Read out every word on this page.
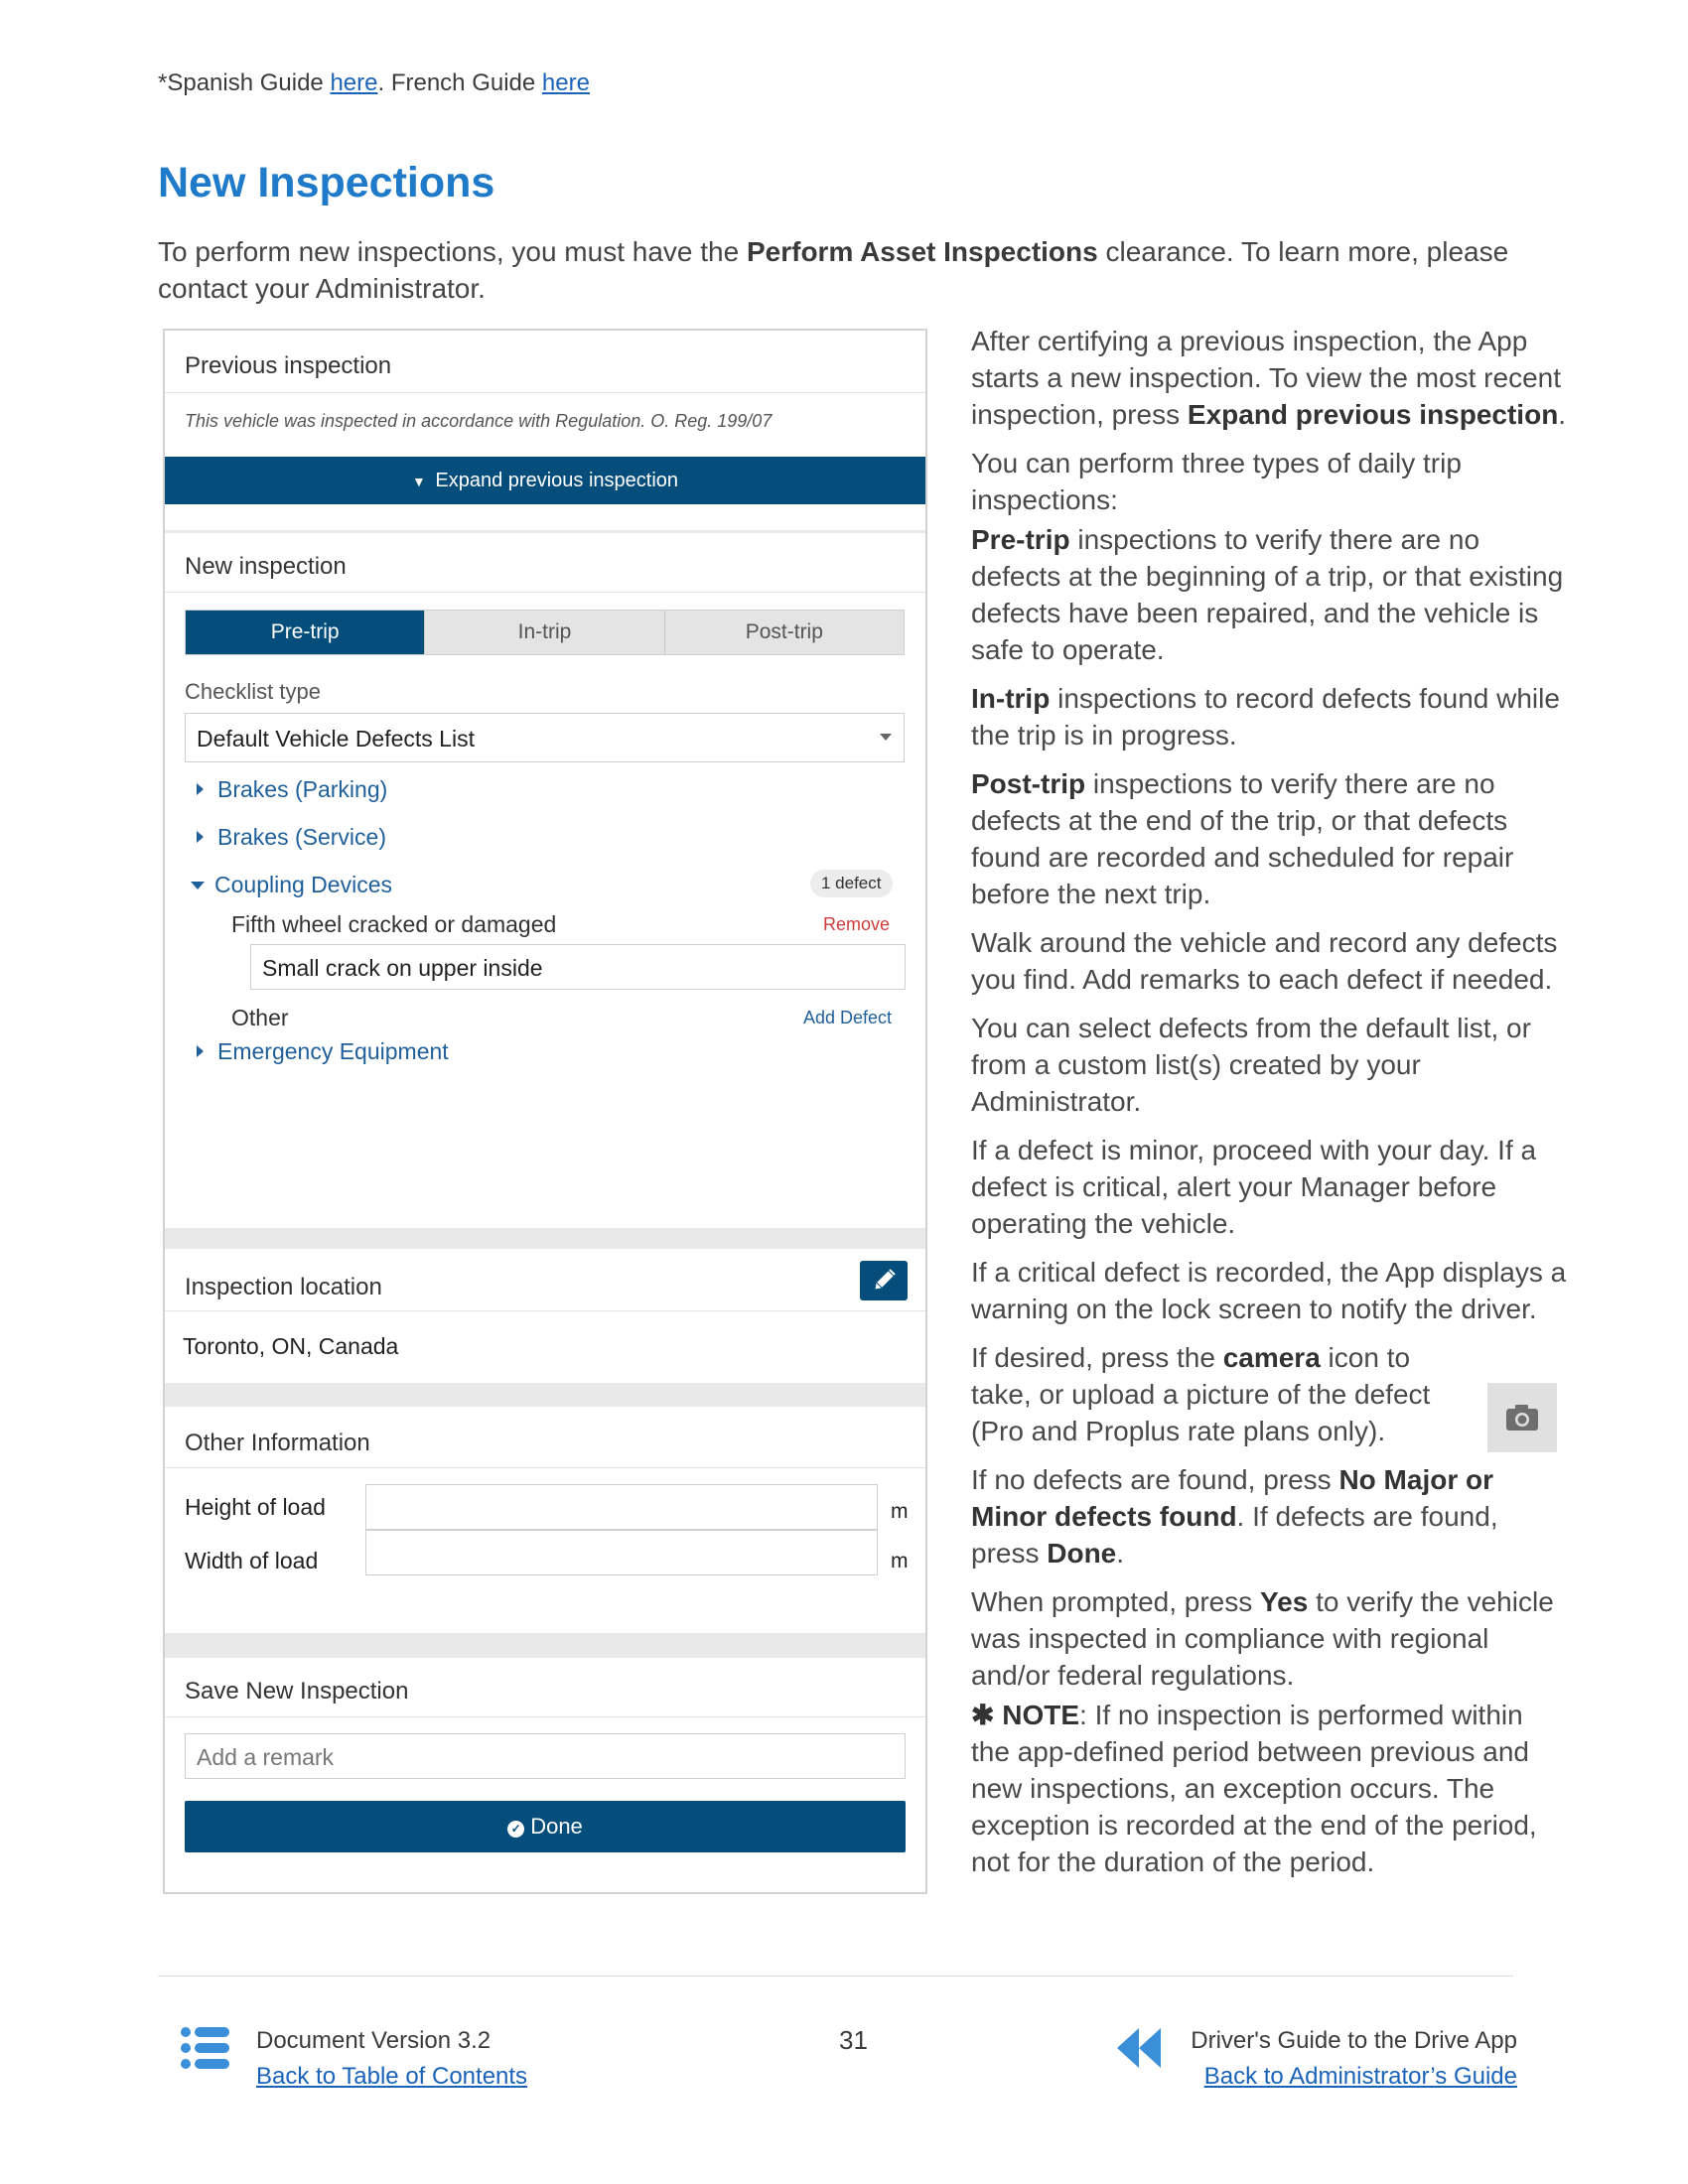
*Spanish Guide here. French Guide here
New Inspections
To perform new inspections, you must have the Perform Asset Inspections clearance. To learn more, please contact your Administrator.
Previous inspection
This vehicle was inspected in accordance with Regulation. O. Reg. 199/07
▼ Expand previous inspection
New inspection
Pre-trip	In-trip	Post-trip
Checklist type
Default Vehicle Defects List
Brakes (Parking)
Brakes (Service)
Coupling Devices	1 defect
Fifth wheel cracked or damaged	Remove
Small crack on upper inside
Other	Add Defect
Emergency Equipment
Inspection location
Toronto, ON, Canada
Other Information
Height of load	m
Width of load	m
Save New Inspection
Add a remark
✓ Done

After certifying a previous inspection, the App starts a new inspection. To view the most recent inspection, press Expand previous inspection.

You can perform three types of daily trip inspections:

Pre-trip inspections to verify there are no defects at the beginning of a trip, or that existing defects have been repaired, and the vehicle is safe to operate.

In-trip inspections to record defects found while the trip is in progress.

Post-trip inspections to verify there are no defects at the end of the trip, or that defects found are recorded and scheduled for repair before the next trip.

Walk around the vehicle and record any defects you find. Add remarks to each defect if needed.

You can select defects from the default list, or from a custom list(s) created by your Administrator.

If a defect is minor, proceed with your day. If a defect is critical, alert your Manager before operating the vehicle.

If a critical defect is recorded, the App displays a warning on the lock screen to notify the driver.

If desired, press the camera icon to take, or upload a picture of the defect (Pro and Proplus rate plans only).

If no defects are found, press No Major or Minor defects found. If defects are found, press Done.

When prompted, press Yes to verify the vehicle was inspected in compliance with regional and/or federal regulations.

✱ NOTE: If no inspection is performed within the app-defined period between previous and new inspections, an exception occurs. The exception is recorded at the end of the period, not for the duration of the period.

Document Version 3.2
Back to Table of Contents
31	Driver's Guide to the Drive App
Back to Administrator’s Guide
